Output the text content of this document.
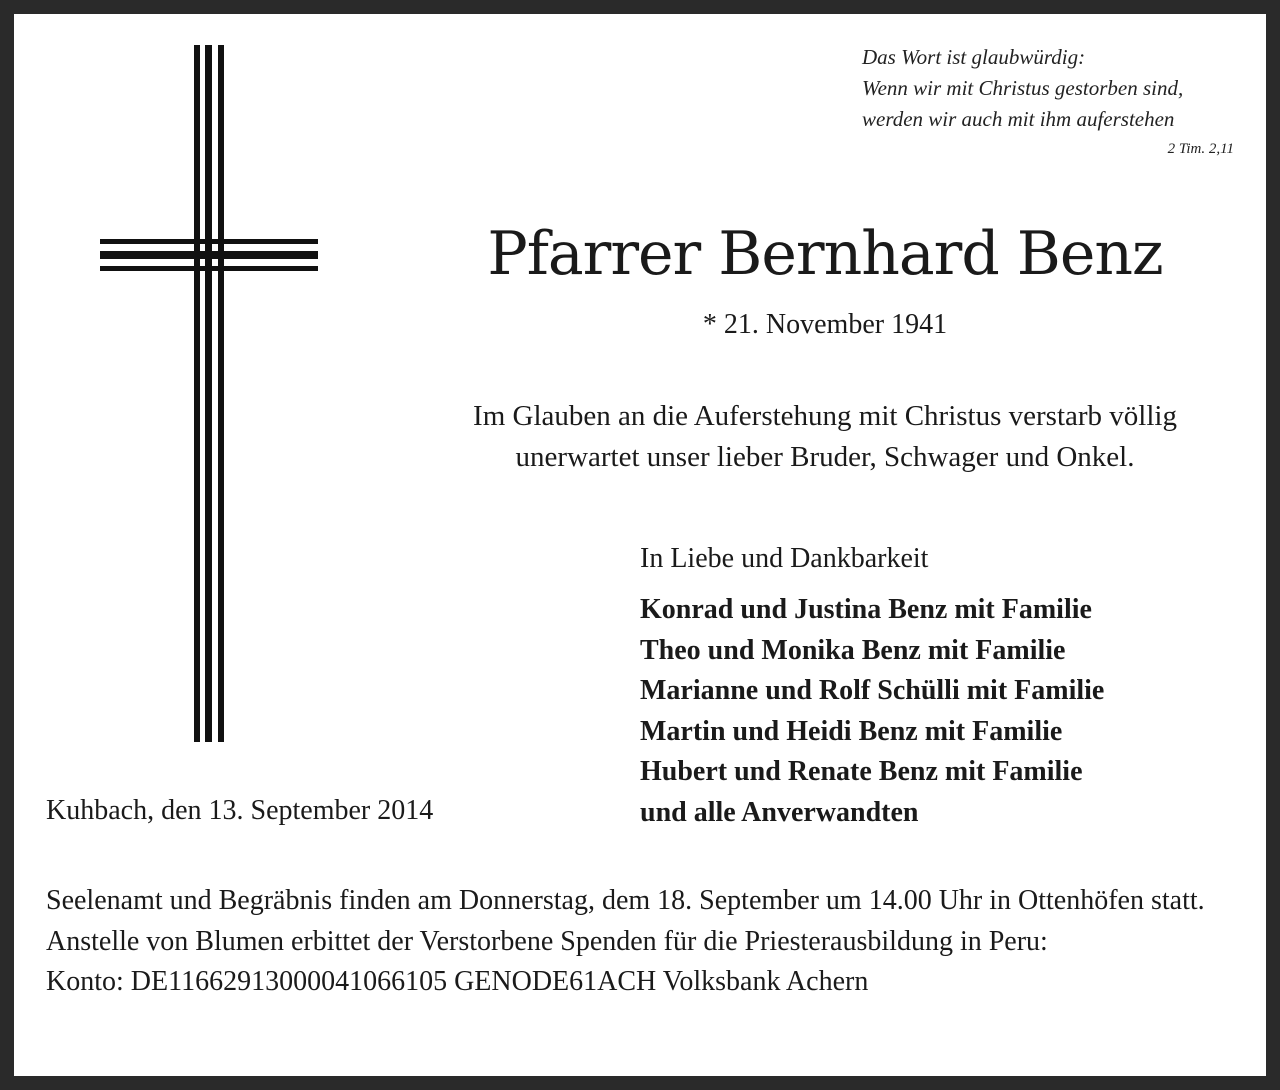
Das Wort ist glaubwürdig:
Wenn wir mit Christus gestorben sind,
werden wir auch mit ihm auferstehen
2 Tim. 2,11
Pfarrer Bernhard Benz
* 21. November 1941
Im Glauben an die Auferstehung mit Christus verstarb völlig
unerwartet unser lieber Bruder, Schwager und Onkel.
In Liebe und Dankbarkeit
Konrad und Justina Benz mit Familie
Theo und Monika Benz mit Familie
Marianne und Rolf Schülli mit Familie
Martin und Heidi Benz mit Familie
Hubert und Renate Benz mit Familie
und alle Anverwandten
Kuhbach, den 13. September 2014

Seelenamt und Begräbnis finden am Donnerstag, dem 18. September um 14.00 Uhr in Ottenhöfen statt.

Anstelle von Blumen erbittet der Verstorbene Spenden für die Priesterausbildung in Peru:

Konto: DE11662913000041066105 GENODE61ACH Volksbank Achern
